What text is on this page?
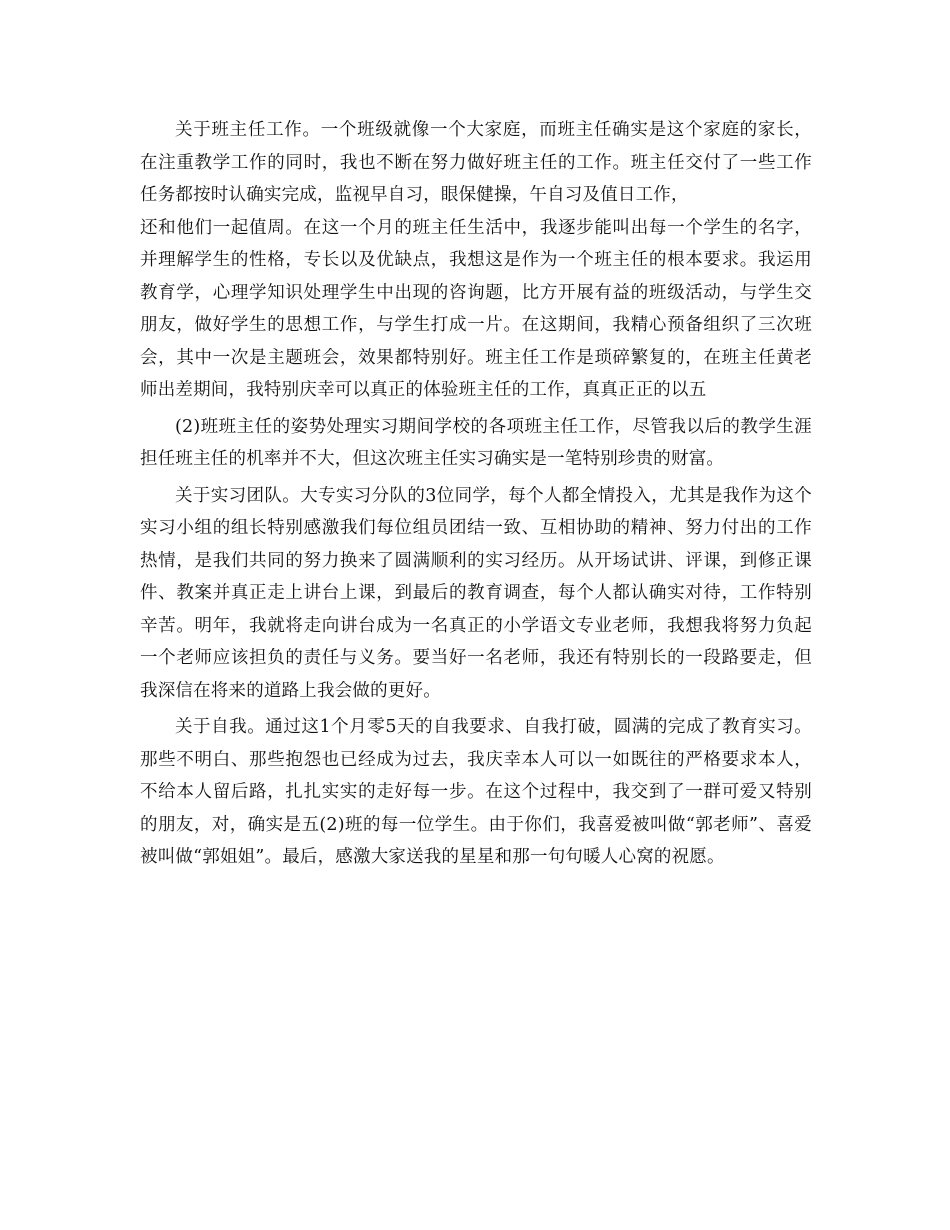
关于班主任工作。一个班级就像一个大家庭，而班主任确实是这个家庭的家长，在注重教学工作的同时，我也不断在努力做好班主任的工作。班主任交付了一些工作任务都按时认确实完成，监视早自习，眼保健操，午自习及值日工作，
还和他们一起值周。在这一个月的班主任生活中，我逐步能叫出每一个学生的名字，并理解学生的性格，专长以及优缺点，我想这是作为一个班主任的根本要求。我运用教育学，心理学知识处理学生中出现的咨询题，比方开展有益的班级活动，与学生交朋友，做好学生的思想工作，与学生打成一片。在这期间，我精心预备组织了三次班会，其中一次是主题班会，效果都特别好。班主任工作是琐碎繁复的，在班主任黄老师出差期间，我特别庆幸可以真正的体验班主任的工作，真真正正的以五

(2)班班主任的姿势处理实习期间学校的各项班主任工作，尽管我以后的教学生涯担任班主任的机率并不大，但这次班主任实习确实是一笔特别珍贵的财富。

关于实习团队。大专实习分队的3位同学，每个人都全情投入，尤其是我作为这个实习小组的组长特别感激我们每位组员团结一致、互相协助的精神、努力付出的工作热情，是我们共同的努力换来了圆满顺利的实习经历。从开场试讲、评课，到修正课件、教案并真正走上讲台上课，到最后的教育调查，每个人都认确实对待，工作特别辛苦。明年，我就将走向讲台成为一名真正的小学语文专业老师，我想我将努力负起一个老师应该担负的责任与义务。要当好一名老师，我还有特别长的一段路要走，但我深信在将来的道路上我会做的更好。

关于自我。通过这1个月零5天的自我要求、自我打破，圆满的完成了教育实习。那些不明白、那些抱怨也已经成为过去，我庆幸本人可以一如既往的严格要求本人，不给本人留后路，扎扎实实的走好每一步。在这个过程中，我交到了一群可爱又特别的朋友，对，确实是五(2)班的每一位学生。由于你们，我喜爱被叫做“郭老师”、喜爱被叫做“郭姐姐”。最后，感激大家送我的星星和那一句句暖人心窝的祝愿。
